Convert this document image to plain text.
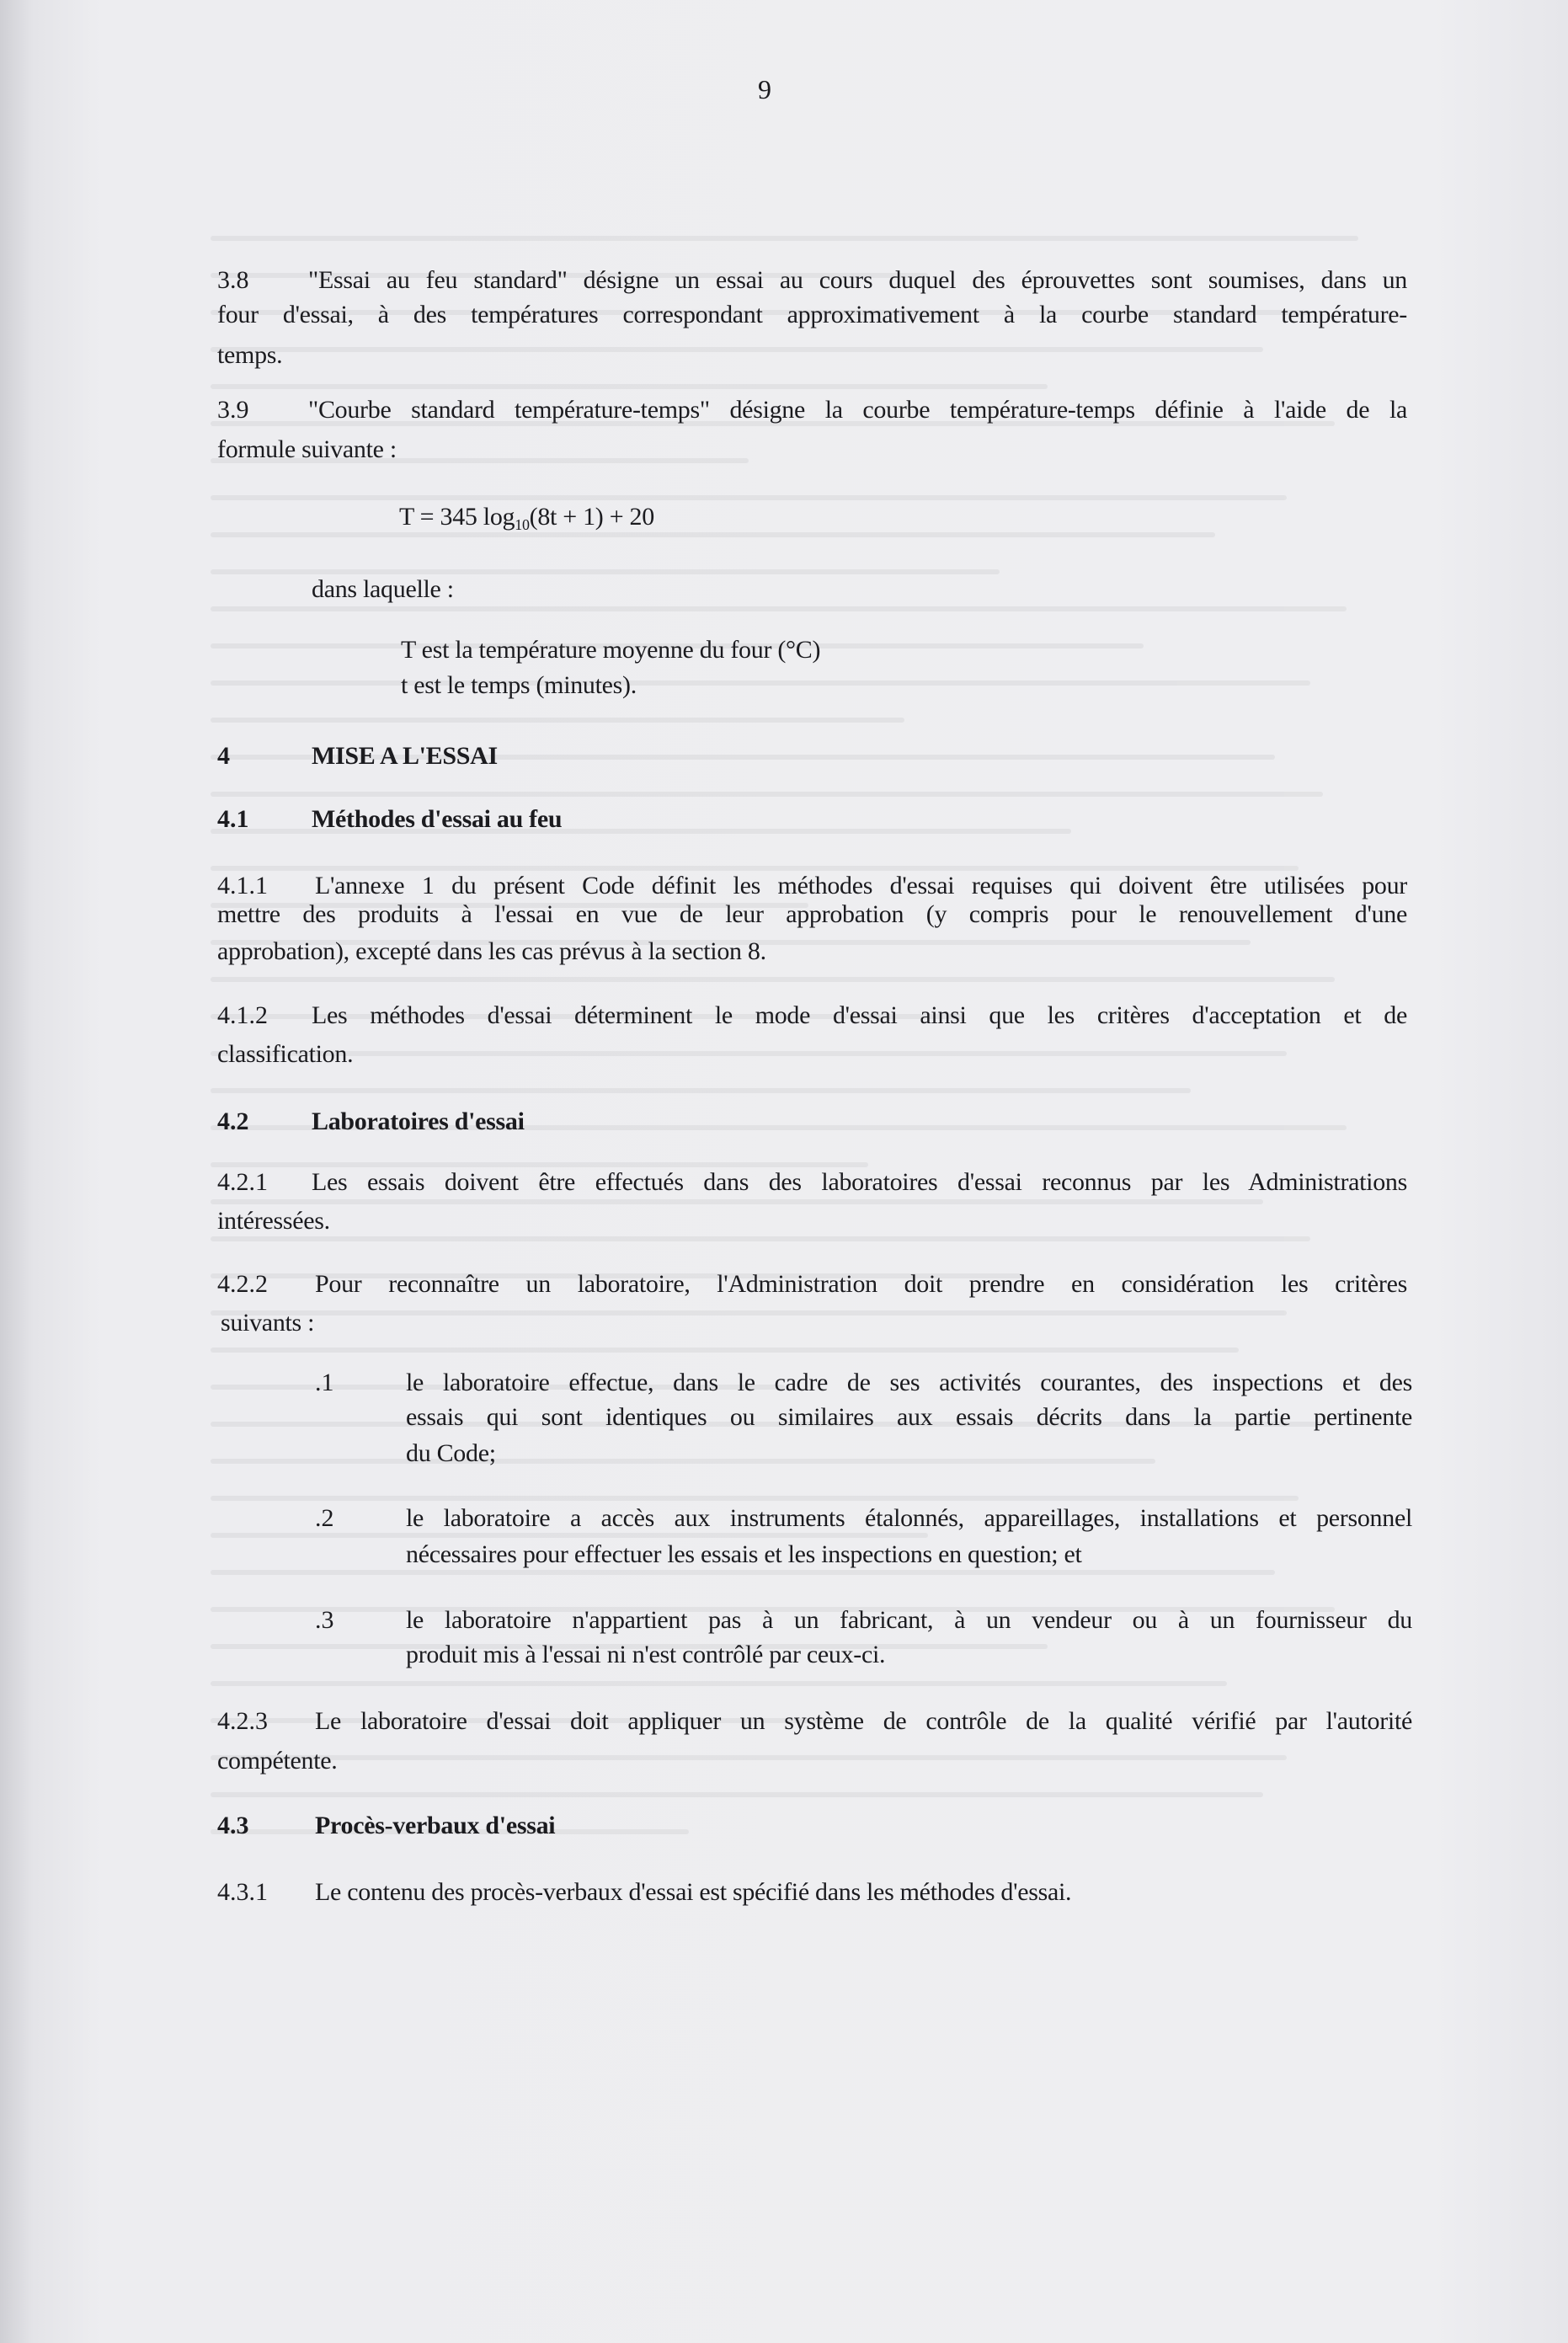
9
3.8 "Essai au feu standard" désigne un essai au cours duquel des éprouvettes sont soumises, dans un
four d'essai, à des températures correspondant approximativement à la courbe standard température-
temps.
3.9 "Courbe standard température-temps" désigne la courbe température-temps définie à l'aide de la
formule suivante :
T = 345 $\log_{10}(8t + 1) + 20$
dans laquelle :
T est la température moyenne du four (°C)
t est le temps (minutes).
4	MISE A L'ESSAI
4.1 Méthodes d'essai au feu
4.1.1 L'annexe 1 du présent Code définit les méthodes d'essai requises qui doivent être utilisées pour
mettre des produits à l'essai en vue de leur approbation (y compris pour le renouvellement d'une
approbation), excepté dans les cas prévus à la section 8.
4.1.2 Les méthodes d'essai déterminent le mode d'essai ainsi que les critères d'acceptation et de
classification.
4.2 Laboratoires d'essai
4.2.1 Les essais doivent être effectués dans des laboratoires d'essai reconnus par les Administrations
intéressées.
4.2.2 Pour reconnaître un laboratoire, l'Administration doit prendre en considération les critères
suivants :
.1	le laboratoire effectue, dans le cadre de ses activités courantes, des inspections et des
essais qui sont identiques ou similaires aux essais décrits dans la partie pertinente
du Code;
.2	le laboratoire a accès aux instruments étalonnés, appareillages, installations et personnel
nécessaires pour effectuer les essais et les inspections en question; et
.3	le laboratoire n'appartient pas à un fabricant, à un vendeur ou à un fournisseur du
produit mis à l'essai ni n'est contrôlé par ceux-ci.
4.2.3 Le laboratoire d'essai doit appliquer un système de contrôle de la qualité vérifié par l'autorité
compétente.
4.3	Procès-verbaux d'essai
4.3.1 Le contenu des procès-verbaux d'essai est spécifié dans les méthodes d'essai.
